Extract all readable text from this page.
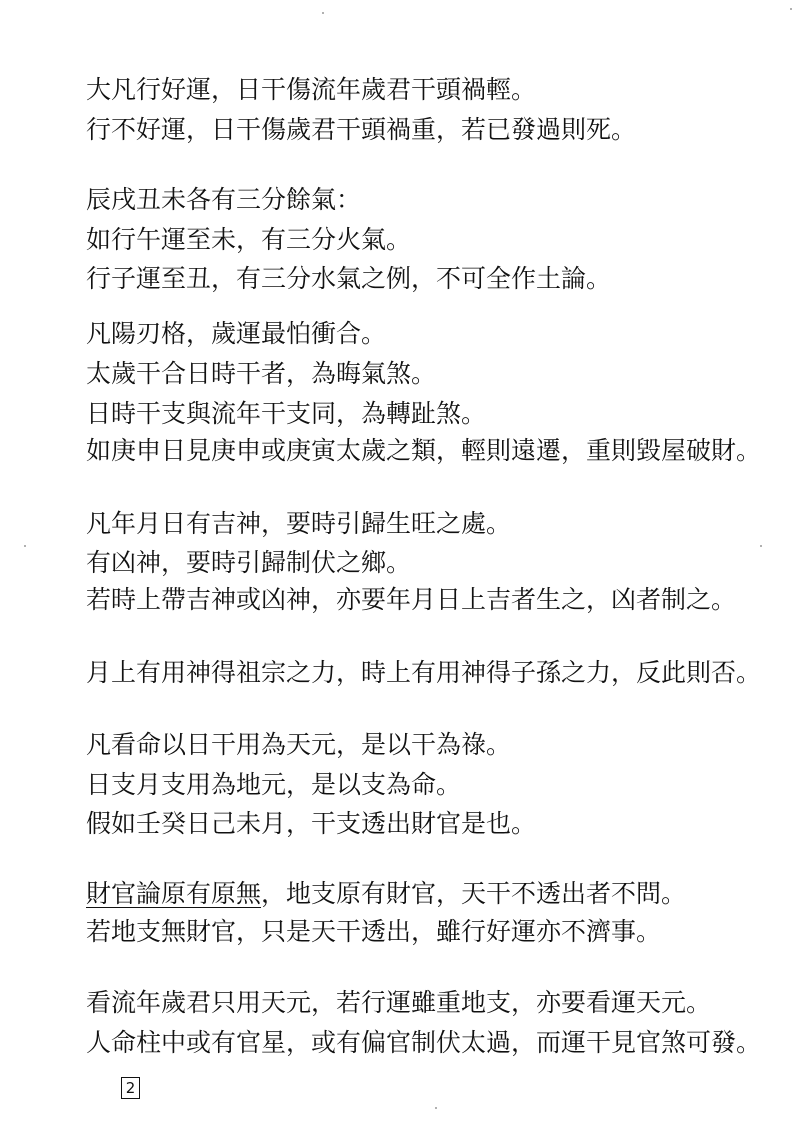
大凡行好運，日干傷流年歲君干頭禍輕。
行不好運，日干傷歲君干頭禍重，若已發過則死。
辰戌丑未各有三分餘氣：
如行午運至未，有三分火氣。
行子運至丑，有三分水氣之例，不可全作土論。
凡陽刃格，歲運最怕衝合。
太歲干合日時干者，為晦氣煞。
日時干支與流年干支同，為轉趾煞。
如庚申日見庚申或庚寅太歲之類，輕則遠遷，重則毀屋破財。
凡年月日有吉神，要時引歸生旺之處。
有凶神，要時引歸制伏之鄉。
若時上帶吉神或凶神，亦要年月日上吉者生之，凶者制之。
月上有用神得祖宗之力，時上有用神得子孫之力，反此則否。
凡看命以日干用為天元，是以干為祿。
日支月支用為地元，是以支為命。
假如壬癸日己未月，干支透出財官是也。
財官論原有原無，地支原有財官，天干不透出者不問。
若地支無財官，只是天干透出，雖行好運亦不濟事。
看流年歲君只用天元，若行運雖重地支，亦要看運天元。
人命柱中或有官星，或有偏官制伏太過，而運干見官煞可發。
2
